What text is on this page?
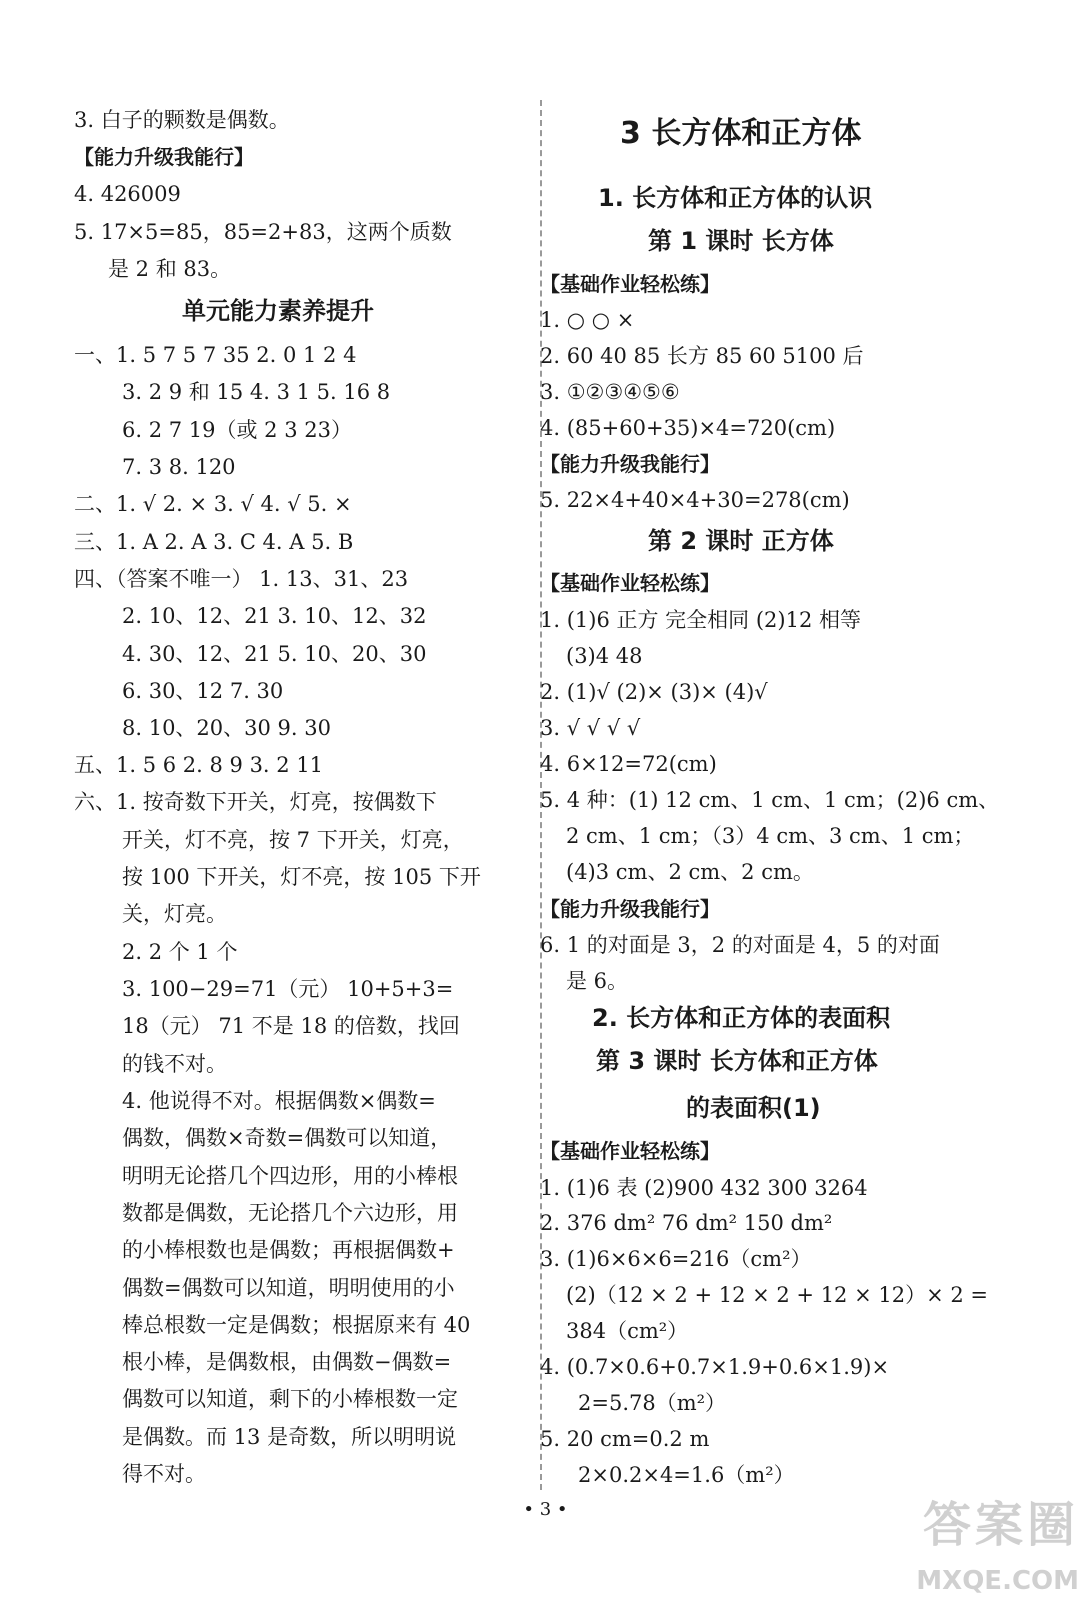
3. 白子的颗数是偶数。
【能力升级我能行】
4. 426009
5. 17×5=85，85=2+83，这两个质数
是 2 和 83。
单元能力素养提升
一、1. 5 7 5 7 35 2. 0 1 2 4
3. 2 9 和 15 4. 3 1 5. 16 8
6. 2 7 19（或 2 3 23）
7. 3 8. 120
二、1. √ 2. × 3. √ 4. √ 5. ×
三、1. A 2. A 3. C 4. A 5. B
四、（答案不唯一） 1. 13、31、23
2. 10、12、21 3. 10、12、32
4. 30、12、21 5. 10、20、30
6. 30、12 7. 30
8. 10、20、30 9. 30
五、1. 5 6 2. 8 9 3. 2 11
六、1. 按奇数下开关，灯亮，按偶数下
开关，灯不亮，按 7 下开关，灯亮，
按 100 下开关，灯不亮，按 105 下开
关，灯亮。
2. 2 个 1 个
3. 100−29=71（元） 10+5+3=
18（元） 71 不是 18 的倍数，找回
的钱不对。
4. 他说得不对。根据偶数×偶数=
偶数，偶数×奇数=偶数可以知道，
明明无论搭几个四边形，用的小棒根
数都是偶数，无论搭几个六边形，用
的小棒根数也是偶数；再根据偶数+
偶数=偶数可以知道，明明使用的小
棒总根数一定是偶数；根据原来有 40
根小棒，是偶数根，由偶数−偶数=
偶数可以知道，剩下的小棒根数一定
是偶数。而 13 是奇数，所以明明说
得不对。
3 长方体和正方体
1. 长方体和正方体的认识
第 1 课时 长方体
【基础作业轻松练】
1. ○ ○ ×
2. 60 40 85 长方 85 60 5100 后
3. ①②③④⑤⑥
4. (85+60+35)×4=720(cm)
【能力升级我能行】
5. 22×4+40×4+30=278(cm)
第 2 课时 正方体
【基础作业轻松练】
1. (1)6 正方 完全相同 (2)12 相等
(3)4 48
2. (1)√ (2)× (3)× (4)√
3. √ √ √ √
4. 6×12=72(cm)
5. 4 种：(1) 12 cm、1 cm、1 cm；(2)6 cm、
2 cm、1 cm；（3）4 cm、3 cm、1 cm；
(4)3 cm、2 cm、2 cm。
【能力升级我能行】
6. 1 的对面是 3，2 的对面是 4，5 的对面
是 6。
2. 长方体和正方体的表面积
第 3 课时 长方体和正方体
的表面积(1)
【基础作业轻松练】
1. (1)6 表 (2)900 432 300 3264
2. 376 dm² 76 dm² 150 dm²
3. (1)6×6×6=216（cm²）
(2)（12 × 2 + 12 × 2 + 12 × 12）× 2 =
384（cm²）
4. (0.7×0.6+0.7×1.9+0.6×1.9)×
2=5.78（m²）
5. 20 cm=0.2 m
2×0.2×4=1.6（m²）
• 3 •	答案圈
MXQE.COM
